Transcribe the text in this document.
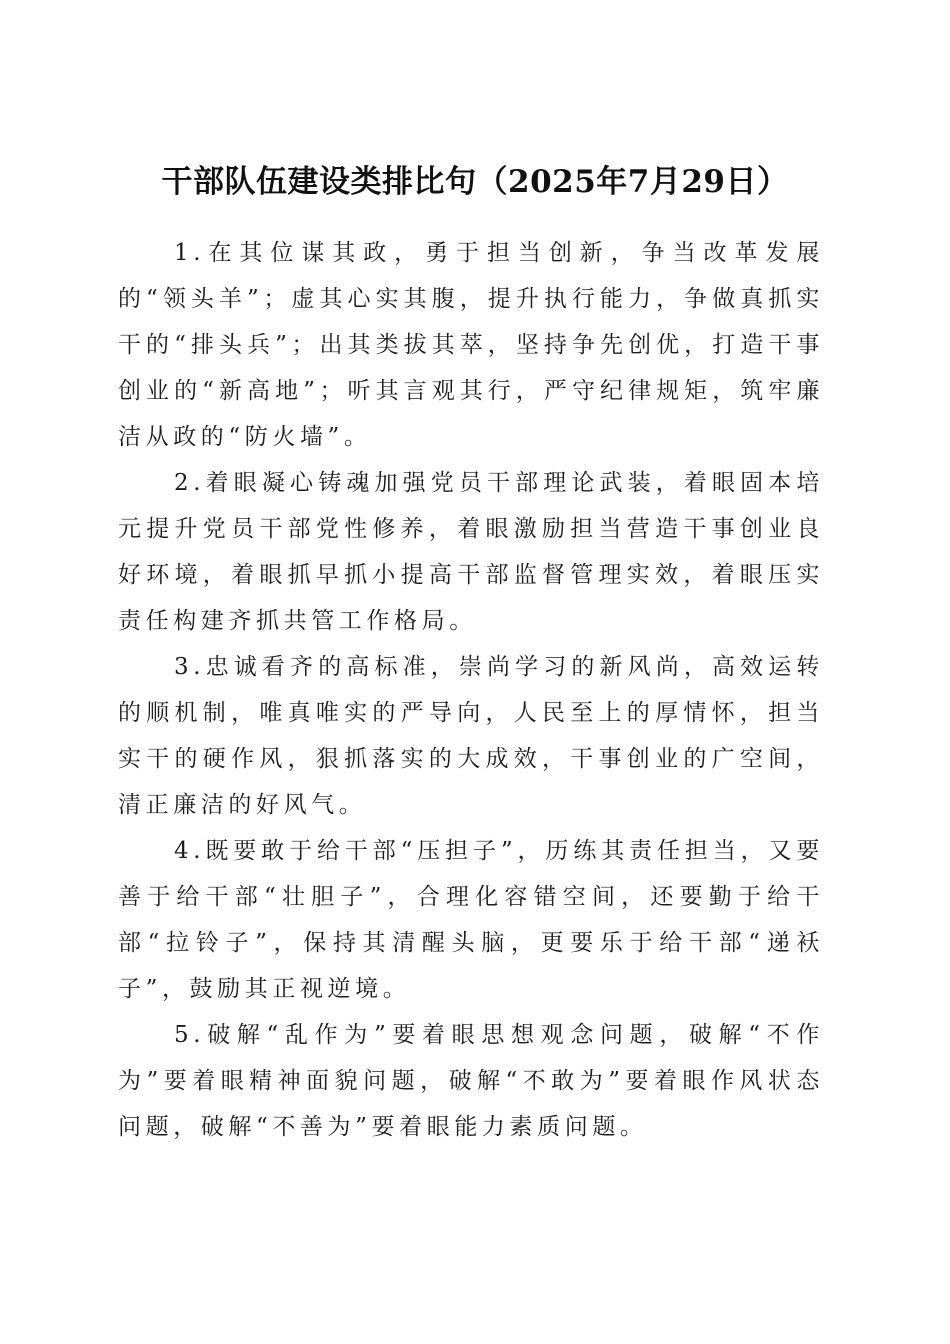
干部队伍建设类排比句（2025年7月29日）

1.在其位谋其政，勇于担当创新，争当改革发展的“领头羊”；虚其心实其腹，提升执行能力，争做真抓实干的“排头兵”；出其类拔其萃，坚持争先创优，打造干事创业的“新高地”；听其言观其行，严守纪律规矩，筑牢廉洁从政的“防火墙”。

2.着眼凝心铸魂加强党员干部理论武装，着眼固本培元提升党员干部党性修养，着眼激励担当营造干事创业良好环境，着眼抓早抓小提高干部监督管理实效，着眼压实责任构建齐抓共管工作格局。

3.忠诚看齐的高标准，崇尚学习的新风尚，高效运转的顺机制，唯真唯实的严导向，人民至上的厚情怀，担当实干的硬作风，狠抓落实的大成效，干事创业的广空间，清正廉洁的好风气。

4.既要敢于给干部“压担子”，历练其责任担当，又要善于给干部“壮胆子”，合理化容错空间，还要勤于给干部“拉铃子”，保持其清醒头脑，更要乐于给干部“递袄子”，鼓励其正视逆境。

5.破解“乱作为”要着眼思想观念问题，破解“不作为”要着眼精神面貌问题，破解“不敢为”要着眼作风状态问题，破解“不善为”要着眼能力素质问题。
